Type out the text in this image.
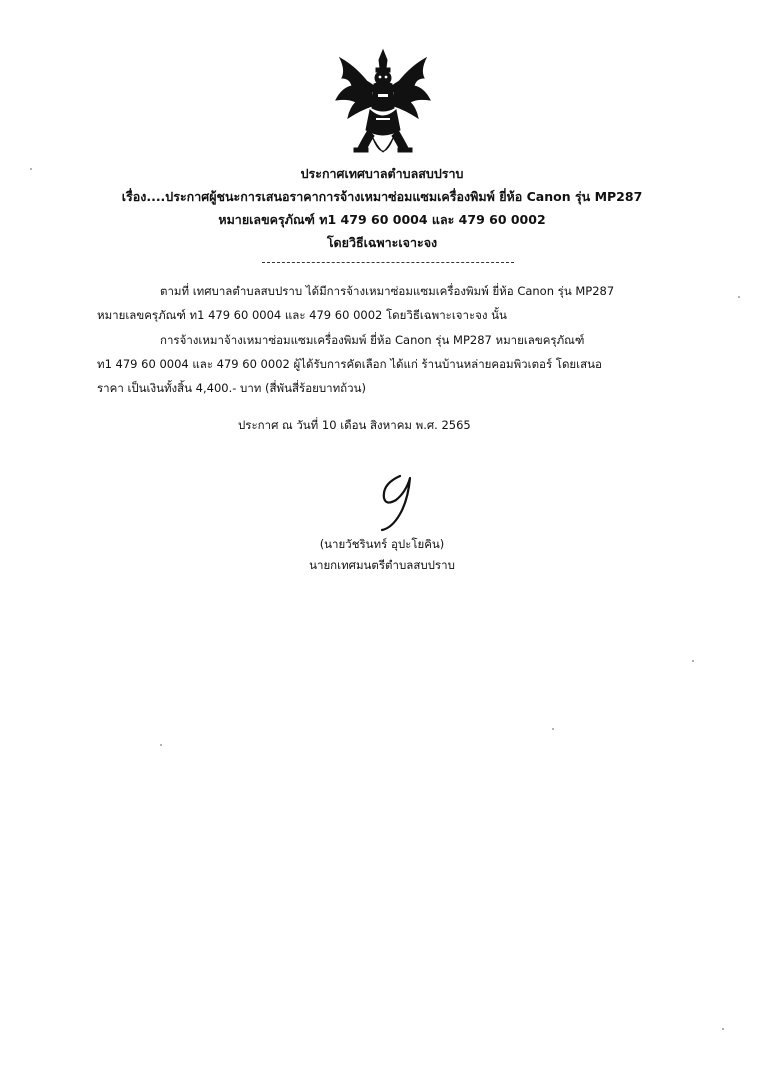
ประกาศเทศบาลตำบลสบปราบ
เรื่อง....ประกาศผู้ชนะการเสนอราคาการจ้างเหมาซ่อมแซมเครื่องพิมพ์ ยี่ห้อ Canon รุ่น MP287
หมายเลขครุภัณฑ์ ท1 479 60 0004 และ 479 60 0002
โดยวิธีเฉพาะเจาะจง
ตามที่ เทศบาลตำบลสบปราบ ได้มีการจ้างเหมาซ่อมแซมเครื่องพิมพ์ ยี่ห้อ Canon รุ่น MP287
หมายเลขครุภัณฑ์ ท1 479 60 0004 และ 479 60 0002 โดยวิธีเฉพาะเจาะจง นั้น
การจ้างเหมาจ้างเหมาซ่อมแซมเครื่องพิมพ์ ยี่ห้อ Canon รุ่น MP287 หมายเลขครุภัณฑ์
ท1 479 60 0004 และ 479 60 0002 ผู้ได้รับการคัดเลือก ได้แก่ ร้านบ้านหล่ายคอมพิวเตอร์ โดยเสนอ
ราคา เป็นเงินทั้งสิ้น 4,400.- บาท (สี่พันสี่ร้อยบาทถ้วน)
ประกาศ ณ วันที่ 10 เดือน สิงหาคม พ.ศ. 2565
(นายวัชรินทร์ อุปะโยคิน)
นายกเทศมนตรีตำบลสบปราบ
